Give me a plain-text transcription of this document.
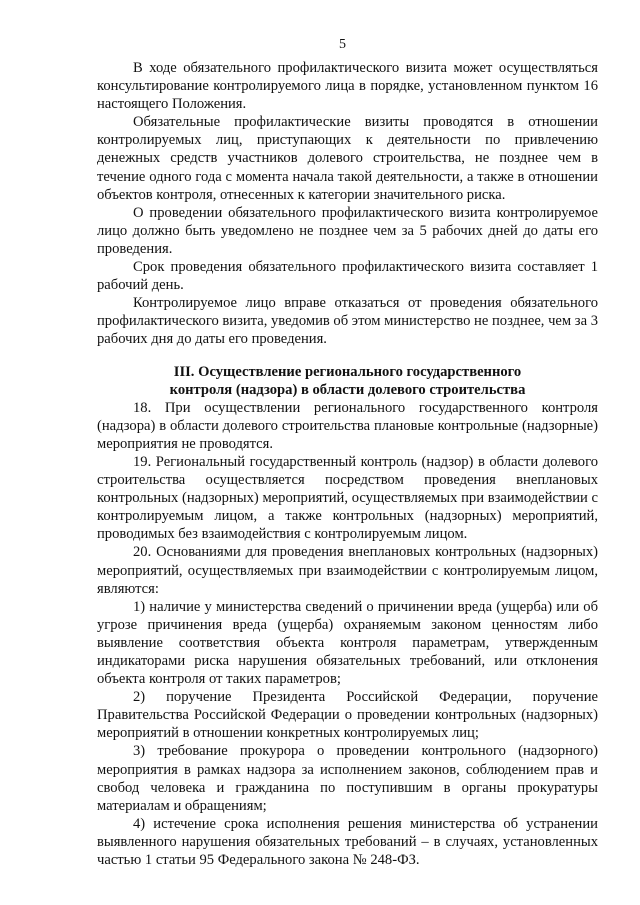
5

В ходе обязательного профилактического визита может осуществляться консультирование контролируемого лица в порядке, установленном пунктом 16 настоящего Положения.

Обязательные профилактические визиты проводятся в отношении контролируемых лиц, приступающих к деятельности по привлечению денежных средств участников долевого строительства, не позднее чем в течение одного года с момента начала такой деятельности, а также в отношении объектов контроля, отнесенных к категории значительного риска.

О проведении обязательного профилактического визита контролируемое лицо должно быть уведомлено не позднее чем за 5 рабочих дней до даты его проведения.

Срок проведения обязательного профилактического визита составляет 1 рабочий день.

Контролируемое лицо вправе отказаться от проведения обязательного профилактического визита, уведомив об этом министерство не позднее, чем за 3 рабочих дня до даты его проведения.

III. Осуществление регионального государственного
контроля (надзора) в области долевого строительства

18. При осуществлении регионального государственного контроля (надзора) в области долевого строительства плановые контрольные (надзорные) мероприятия не проводятся.

19. Региональный государственный контроль (надзор) в области долевого строительства осуществляется посредством проведения внеплановых контрольных (надзорных) мероприятий, осуществляемых при взаимодействии с контролируемым лицом, а также контрольных (надзорных) мероприятий, проводимых без взаимодействия с контролируемым лицом.

20. Основаниями для проведения внеплановых контрольных (надзорных) мероприятий, осуществляемых при взаимодействии с контролируемым лицом, являются:

1) наличие у министерства сведений о причинении вреда (ущерба) или об угрозе причинения вреда (ущерба) охраняемым законом ценностям либо выявление соответствия объекта контроля параметрам, утвержденным индикаторами риска нарушения обязательных требований, или отклонения объекта контроля от таких параметров;

2) поручение Президента Российской Федерации, поручение Правительства Российской Федерации о проведении контрольных (надзорных) мероприятий в отношении конкретных контролируемых лиц;

3) требование прокурора о проведении контрольного (надзорного) мероприятия в рамках надзора за исполнением законов, соблюдением прав и свобод человека и гражданина по поступившим в органы прокуратуры материалам и обращениям;

4) истечение срока исполнения решения министерства об устранении выявленного нарушения обязательных требований – в случаях, установленных частью 1 статьи 95 Федерального закона № 248-ФЗ.
